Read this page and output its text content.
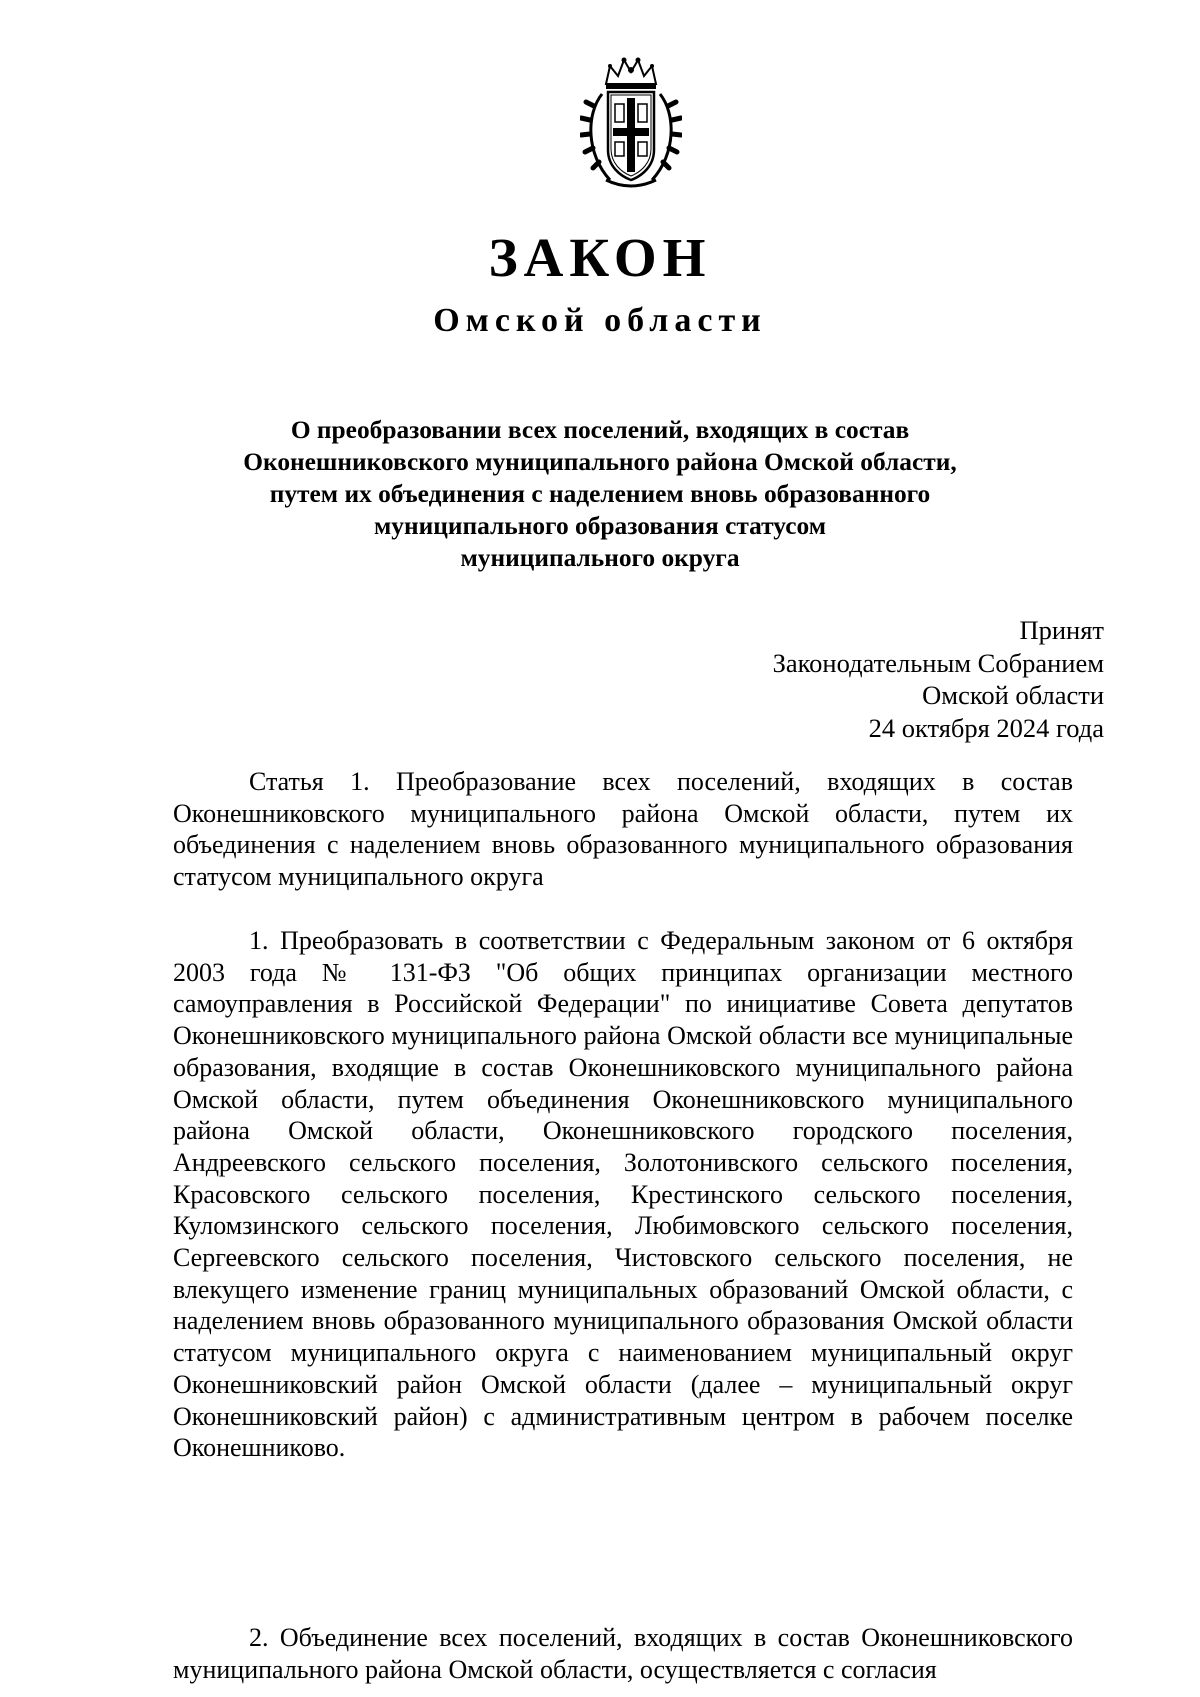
ЗАКОН
Омской области
О преобразовании всех поселений, входящих в состав
Оконешниковского муниципального района Омской области,
путем их объединения с наделением вновь образованного
муниципального образования статусом
муниципального округа
Принят
Законодательным Собранием
Омской области
24 октября 2024 года

Статья 1. Преобразование всех поселений, входящих в состав Оконешниковского муниципального района Омской области, путем их объединения с наделением вновь образованного муниципального образования статусом муниципального округа

1. Преобразовать в соответствии с Федеральным законом от 6 октября 2003 года № 131-ФЗ "Об общих принципах организации местного самоуправления в Российской Федерации" по инициативе Совета депутатов Оконешниковского муниципального района Омской области все муниципальные образования, входящие в состав Оконешниковского муниципального района Омской области, путем объединения Оконешниковского муниципального района Омской области, Оконешниковского городского поселения, Андреевского сельского поселения, Золотонивского сельского поселения, Красовского сельского поселения, Крестинского сельского поселения, Куломзинского сельского поселения, Любимовского сельского поселения, Сергеевского сельского поселения, Чистовского сельского поселения, не влекущего изменение границ муниципальных образований Омской области, с наделением вновь образованного муниципального образования Омской области статусом муниципального округа с наименованием муниципальный округ Оконешниковский район Омской области (далее – муниципальный округ Оконешниковский район) с административным центром в рабочем поселке Оконешниково.

2. Объединение всех поселений, входящих в состав Оконешниковского муниципального района Омской области, осуществляется с согласия
